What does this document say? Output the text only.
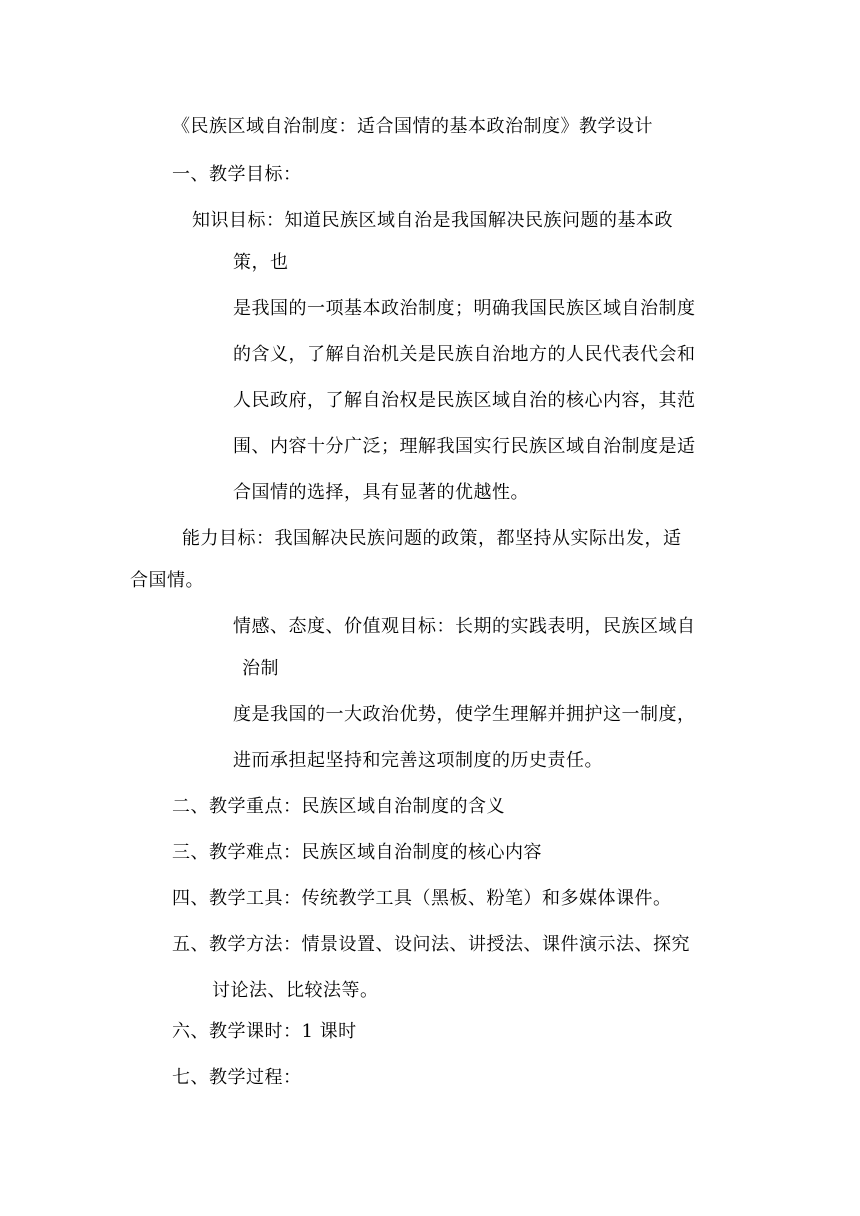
《民族区域自治制度：适合国情的基本政治制度》教学设计
一、教学目标：
知识目标：知道民族区域自治是我国解决民族问题的基本政
策，也
是我国的一项基本政治制度；明确我国民族区域自治制度
的含义，了解自治机关是民族自治地方的人民代表代会和
人民政府，了解自治权是民族区域自治的核心内容，其范
围、内容十分广泛；理解我国实行民族区域自治制度是适
合国情的选择，具有显著的优越性。
能力目标：我国解决民族问题的政策，都坚持从实际出发，适
合国情。
情感、态度、价值观目标：长期的实践表明，民族区域自
治制
度是我国的一大政治优势，使学生理解并拥护这一制度，
进而承担起坚持和完善这项制度的历史责任。
二、教学重点：民族区域自治制度的含义
三、教学难点：民族区域自治制度的核心内容
四、教学工具：传统教学工具（黑板、粉笔）和多媒体课件。
五、教学方法：情景设置、设问法、讲授法、课件演示法、探究
讨论法、比较法等。
六、教学课时：1 课时
七、教学过程：
